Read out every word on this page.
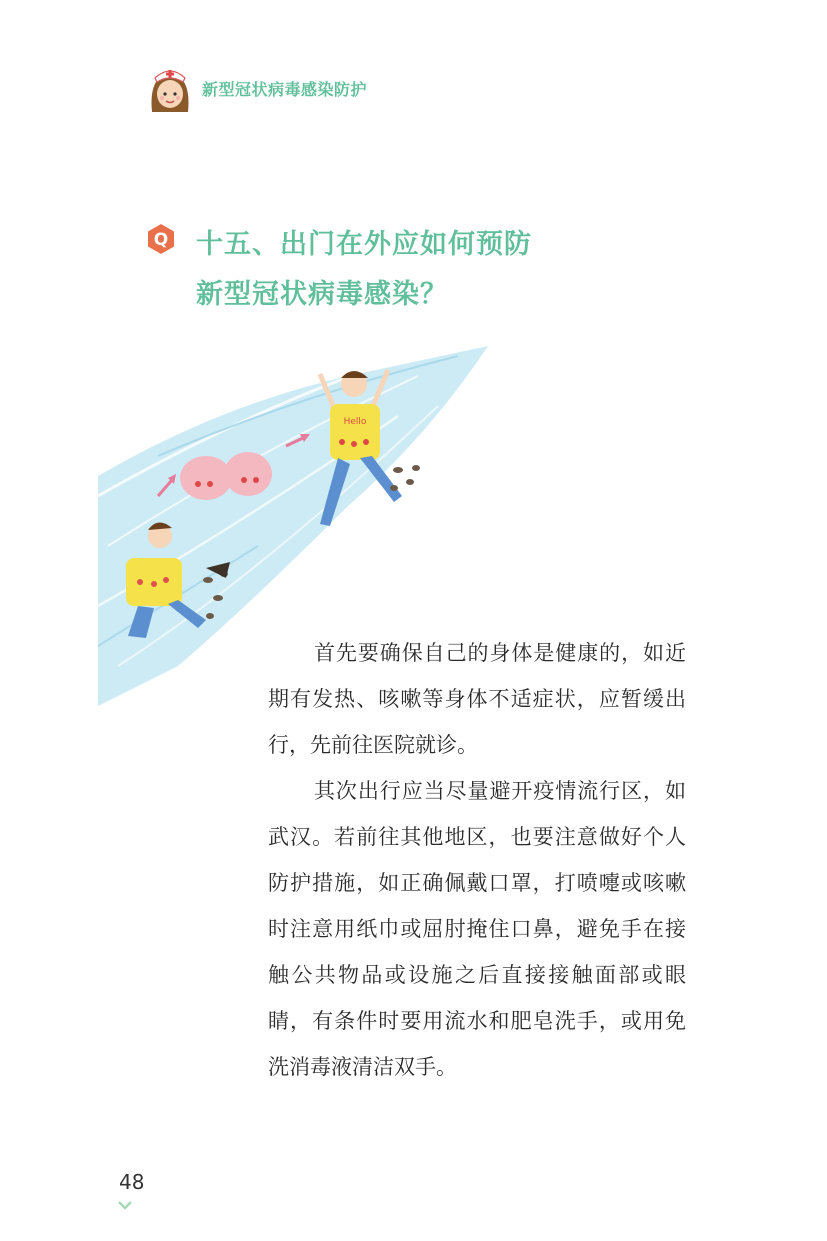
新型冠状病毒感染防护
Q 十五、出门在外应如何预防
新型冠状病毒感染？
Hello

首先要确保自己的身体是健康的，如近期有发热、咳嗽等身体不适症状，应暂缓出行，先前往医院就诊。

其次出行应当尽量避开疫情流行区，如武汉。若前往其他地区，也要注意做好个人防护措施，如正确佩戴口罩，打喷嚏或咳嗽时注意用纸巾或屈肘掩住口鼻，避免手在接触公共物品或设施之后直接接触面部或眼睛，有条件时要用流水和肥皂洗手，或用免洗消毒液清洁双手。

48
